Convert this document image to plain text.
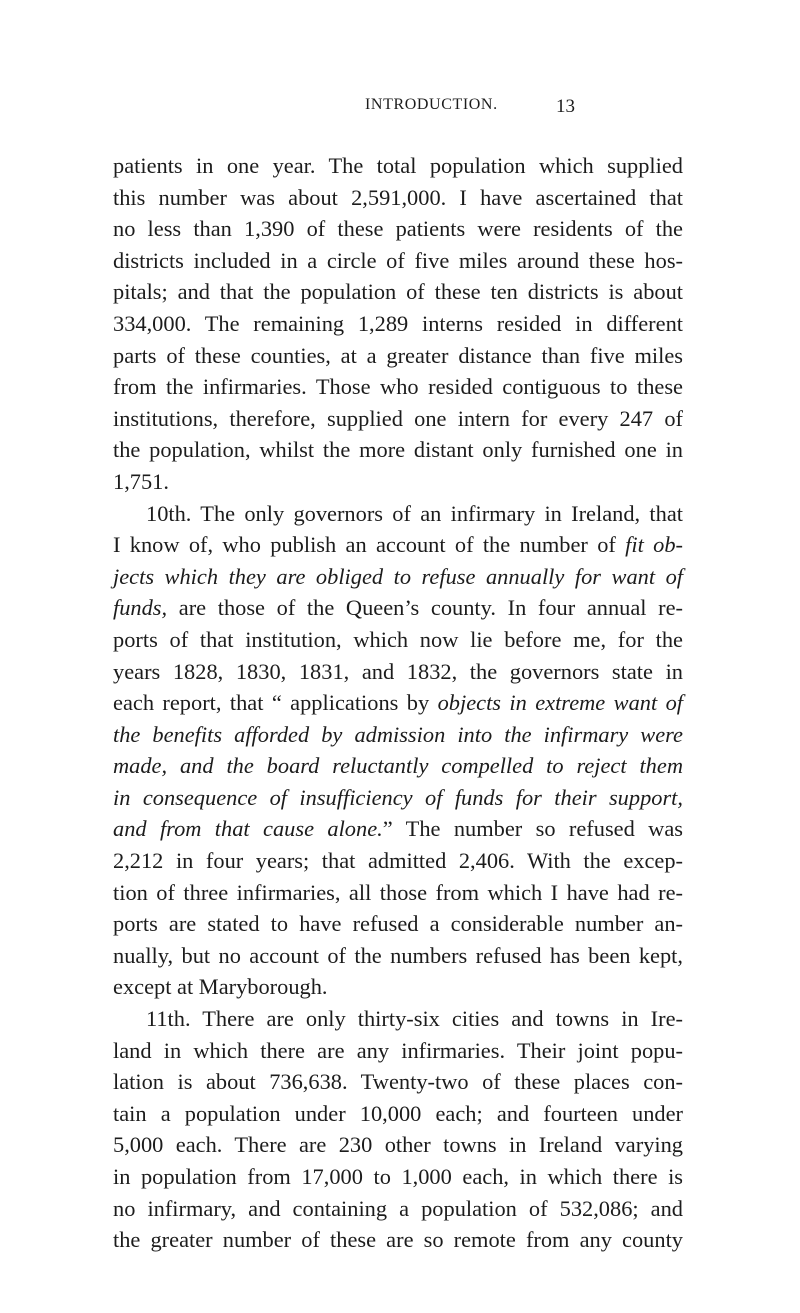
INTRODUCTION.	13
patients in one year. The total population which supplied
this number was about 2,591,000. I have ascertained that
no less than 1,390 of these patients were residents of the
districts included in a circle of five miles around these hos-
pitals; and that the population of these ten districts is about
334,000. The remaining 1,289 interns resided in different
parts of these counties, at a greater distance than five miles
from the infirmaries. Those who resided contiguous to these
institutions, therefore, supplied one intern for every 247 of
the population, whilst the more distant only furnished one in
1,751.
10th. The only governors of an infirmary in Ireland, that
I know of, who publish an account of the number of fit ob-
jects which they are obliged to refuse annually for want of
funds, are those of the Queen’s county. In four annual re-
ports of that institution, which now lie before me, for the
years 1828, 1830, 1831, and 1832, the governors state in
each report, that “ applications by objects in extreme want of
the benefits afforded by admission into the infirmary were
made, and the board reluctantly compelled to reject them
in consequence of insufficiency of funds for their support,
and from that cause alone.” The number so refused was
2,212 in four years; that admitted 2,406. With the excep-
tion of three infirmaries, all those from which I have had re-
ports are stated to have refused a considerable number an-
nually, but no account of the numbers refused has been kept,
except at Maryborough.
11th. There are only thirty-six cities and towns in Ire-
land in which there are any infirmaries. Their joint popu-
lation is about 736,638. Twenty-two of these places con-
tain a population under 10,000 each; and fourteen under
5,000 each. There are 230 other towns in Ireland varying
in population from 17,000 to 1,000 each, in which there is
no infirmary, and containing a population of 532,086; and
the greater number of these are so remote from any county
